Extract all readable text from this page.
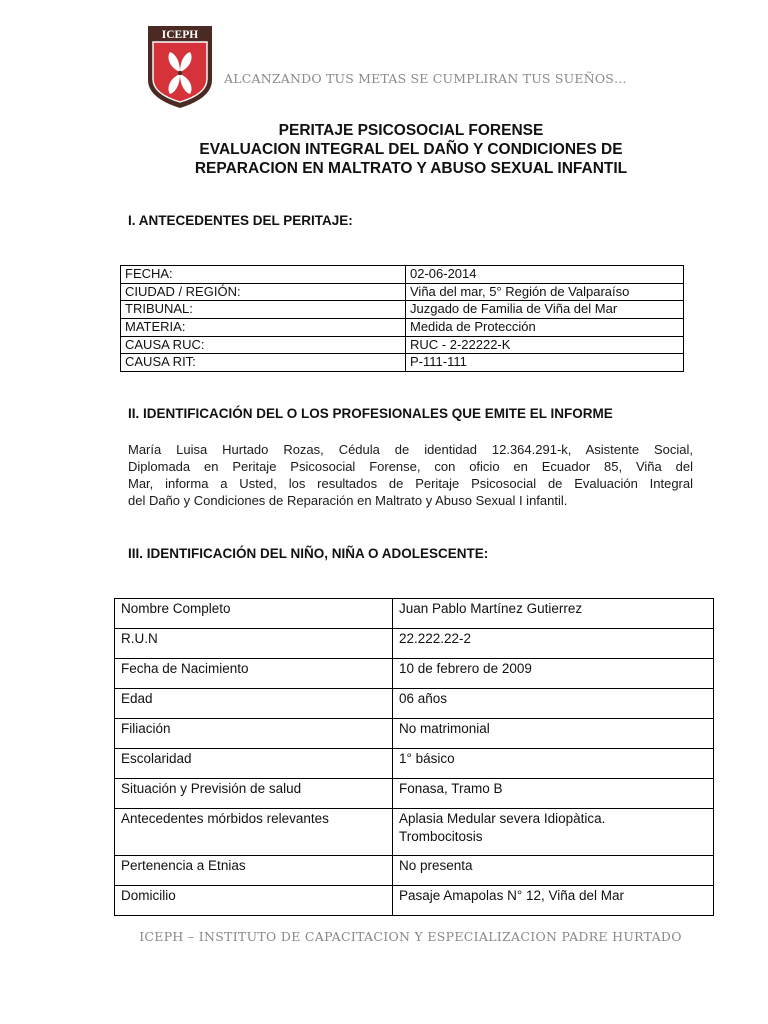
ICEPH
ALCANZANDO TUS METAS SE CUMPLIRAN TUS SUEÑOS…
PERITAJE PSICOSOCIAL FORENSE
EVALUACION INTEGRAL DEL DAÑO Y CONDICIONES DE
REPARACION EN MALTRATO Y ABUSO SEXUAL INFANTIL
I. ANTECEDENTES DEL PERITAJE:
FECHA:	02-06-2014
CIUDAD / REGIÓN:	Viña del mar, 5° Región de Valparaíso
TRIBUNAL:	Juzgado de Familia de Viña del Mar
MATERIA:	Medida de Protección
CAUSA RUC:	RUC - 2-22222-K
CAUSA RIT:	P-111-111
II. IDENTIFICACIÓN DEL O LOS PROFESIONALES QUE EMITE EL INFORME
María Luisa Hurtado Rozas, Cédula de identidad 12.364.291-k, Asistente Social,
Diplomada en Peritaje Psicosocial Forense, con oficio en Ecuador 85, Viña del
Mar, informa a Usted, los resultados de Peritaje Psicosocial de Evaluación Integral
del Daño y Condiciones de Reparación en Maltrato y Abuso Sexual I infantil.
III. IDENTIFICACIÓN DEL NIÑO, NIÑA O ADOLESCENTE:
Nombre Completo	Juan Pablo Martínez Gutierrez
R.U.N	22.222.22-2
Fecha de Nacimiento	10 de febrero de 2009
Edad	06 años
Filiación	No matrimonial
Escolaridad	1° básico
Situación y Previsión de salud	Fonasa, Tramo B
Antecedentes mórbidos relevantes	Aplasia Medular severa Idiopàtica.
Trombocitosis

Pertenencia a Etnias	No presenta
Domicilio	Pasaje Amapolas N° 12, Viña del Mar
ICEPH – INSTITUTO DE CAPACITACION Y ESPECIALIZACION PADRE HURTADO
